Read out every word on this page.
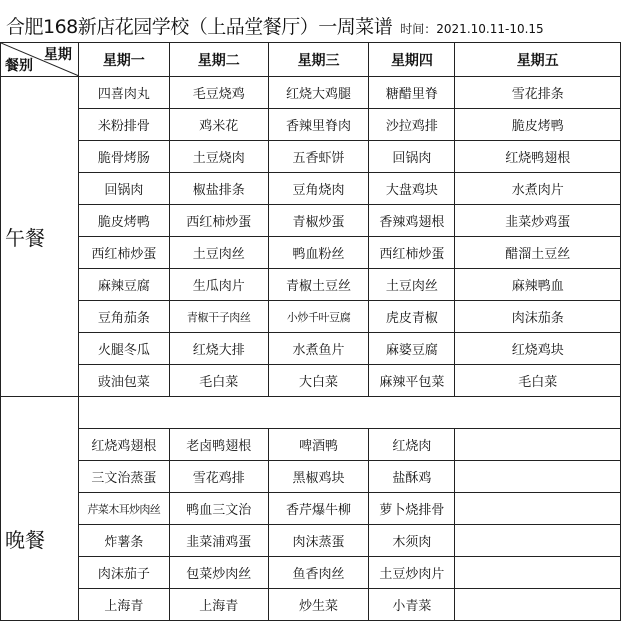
合肥168新店花园学校（上品堂餐厅）一周菜谱 时间：2021.10.11-10.15
星期
餐别	星期一	星期二	星期三	星期四	星期五
午餐	四喜肉丸	毛豆烧鸡	红烧大鸡腿	糖醋里脊	雪花排条
	米粉排骨	鸡米花	香辣里脊肉	沙拉鸡排	脆皮烤鸭
	脆骨烤肠	土豆烧肉	五香虾饼	回锅肉	红烧鸭翅根
	回锅肉	椒盐排条	豆角烧肉	大盘鸡块	水煮肉片
	脆皮烤鸭	西红柿炒蛋	青椒炒蛋	香辣鸡翅根	韭菜炒鸡蛋
	西红柿炒蛋	土豆肉丝	鸭血粉丝	西红柿炒蛋	醋溜土豆丝
	麻辣豆腐	生瓜肉片	青椒土豆丝	土豆肉丝	麻辣鸭血
	豆角茄条	青椒干子肉丝	小炒千叶豆腐	虎皮青椒	肉沫茄条
	火腿冬瓜	红烧大排	水煮鱼片	麻婆豆腐	红烧鸡块
	豉油包菜	毛白菜	大白菜	麻辣平包菜	毛白菜
晚餐					
	红烧鸡翅根	老卤鸭翅根	啤酒鸭	红烧肉	
	三文治蒸蛋	雪花鸡排	黑椒鸡块	盐酥鸡	
	芹菜木耳炒肉丝	鸭血三文治	香芹爆牛柳	萝卜烧排骨	
	炸薯条	韭菜浦鸡蛋	肉沫蒸蛋	木须肉	
	肉沫茄子	包菜炒肉丝	鱼香肉丝	土豆炒肉片	
	上海青	上海青	炒生菜	小青菜	
